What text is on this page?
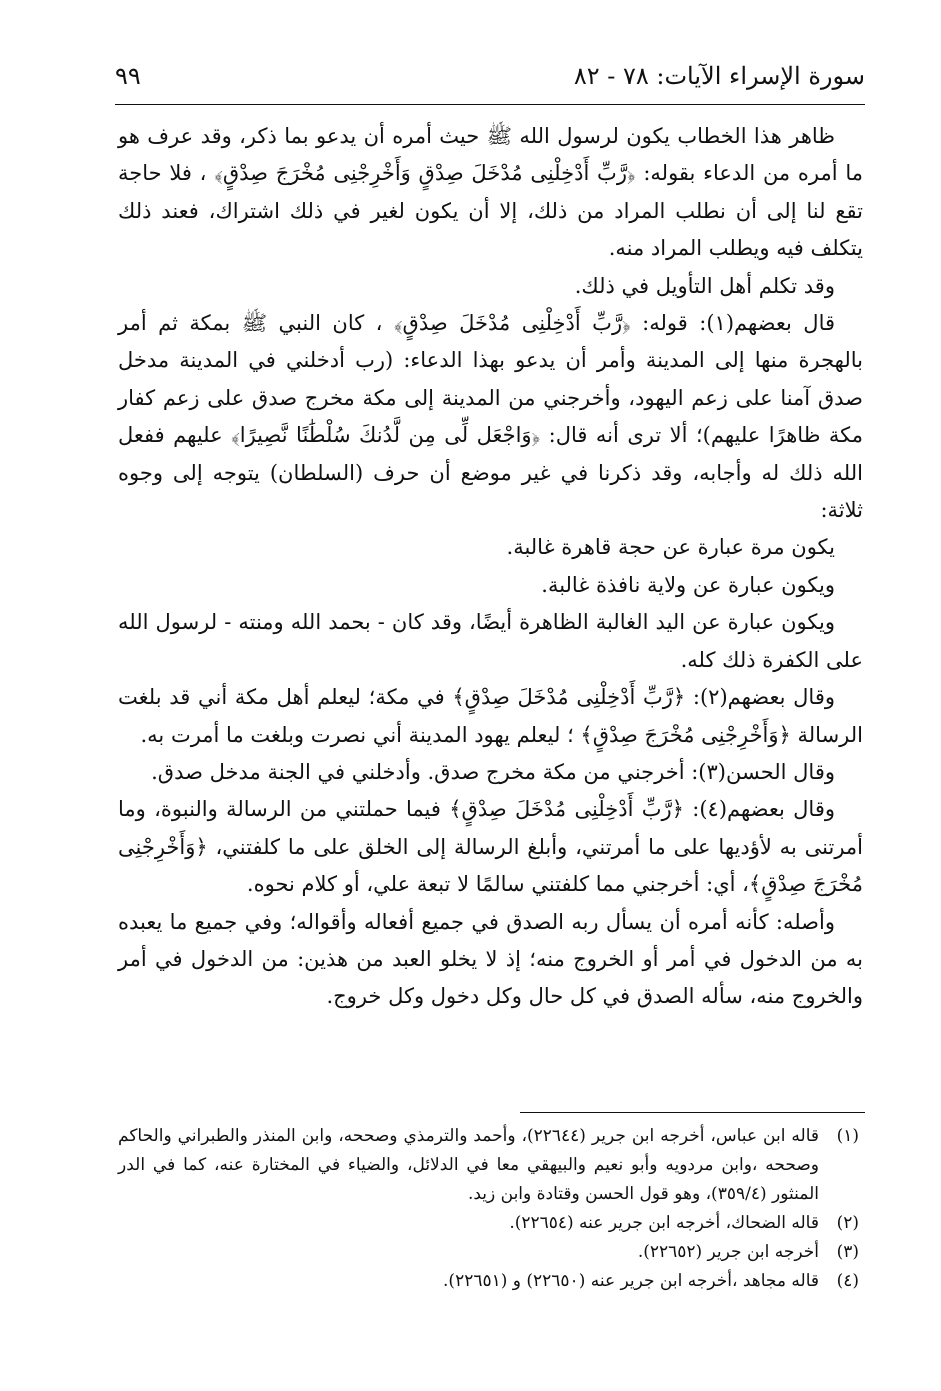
سورة الإسراء الآيات: ٧٨ - ٨٢
٩٩

ظاهر هذا الخطاب يكون لرسول الله ﷺ حيث أمره أن يدعو بما ذكر، وقد عرف هو ما أمره من الدعاء بقوله: ﴿رَّبِّ أَدْخِلْنِى مُدْخَلَ صِدْقٍ وَأَخْرِجْنِى مُخْرَجَ صِدْقٍ﴾ ، فلا حاجة تقع لنا إلى أن نطلب المراد من ذلك، إلا أن يكون لغير في ذلك اشتراك، فعند ذلك يتكلف فيه ويطلب المراد منه.

وقد تكلم أهل التأويل في ذلك.

قال بعضهم(١): قوله: ﴿رَّبِّ أَدْخِلْنِى مُدْخَلَ صِدْقٍ﴾ ، كان النبي ﷺ بمكة ثم أمر بالهجرة منها إلى المدينة وأمر أن يدعو بهذا الدعاء: (رب أدخلني في المدينة مدخل صدق آمنا على زعم اليهود، وأخرجني من المدينة إلى مكة مخرج صدق على زعم كفار مكة ظاهرًا عليهم)؛ ألا ترى أنه قال: ﴿وَاجْعَل لِّى مِن لَّدُنكَ سُلْطَٰنًا نَّصِيرًا﴾ عليهم ففعل الله ذلك له وأجابه، وقد ذكرنا في غير موضع أن حرف (السلطان) يتوجه إلى وجوه ثلاثة:

يكون مرة عبارة عن حجة قاهرة غالبة.

ويكون عبارة عن ولاية نافذة غالبة.

ويكون عبارة عن اليد الغالبة الظاهرة أيضًا، وقد كان - بحمد الله ومنته - لرسول الله على الكفرة ذلك كله.

وقال بعضهم(٢): ﴿رَّبِّ أَدْخِلْنِى مُدْخَلَ صِدْقٍ﴾ في مكة؛ ليعلم أهل مكة أني قد بلغت الرسالة ﴿وَأَخْرِجْنِى مُخْرَجَ صِدْقٍ﴾ ؛ ليعلم يهود المدينة أني نصرت وبلغت ما أمرت به.

وقال الحسن(٣): أخرجني من مكة مخرج صدق. وأدخلني في الجنة مدخل صدق.

وقال بعضهم(٤): ﴿رَّبِّ أَدْخِلْنِى مُدْخَلَ صِدْقٍ﴾ فيما حملتني من الرسالة والنبوة، وما أمرتنى به لأؤديها على ما أمرتني، وأبلغ الرسالة إلى الخلق على ما كلفتني، ﴿وَأَخْرِجْنِى مُخْرَجَ صِدْقٍ﴾، أي: أخرجني مما كلفتني سالمًا لا تبعة علي، أو كلام نحوه.

وأصله: كأنه أمره أن يسأل ربه الصدق في جميع أفعاله وأقواله؛ وفي جميع ما يعبده به من الدخول في أمر أو الخروج منه؛ إذ لا يخلو العبد من هذين: من الدخول في أمر والخروج منه، سأله الصدق في كل حال وكل دخول وكل خروج.

(١)
قاله ابن عباس، أخرجه ابن جرير (٢٢٦٤٤)، وأحمد والترمذي وصححه، وابن المنذر والطبراني والحاكم وصححه ،وابن مردويه وأبو نعيم والبيهقي معا في الدلائل، والضياء في المختارة عنه، كما في الدر المنثور (٣٥٩/٤)، وهو قول الحسن وقتادة وابن زيد.
(٢)
قاله الضحاك، أخرجه ابن جرير عنه (٢٢٦٥٤).
(٣)
أخرجه ابن جرير (٢٢٦٥٢).
(٤)
قاله مجاهد ،أخرجه ابن جرير عنه (٢٢٦٥٠) و (٢٢٦٥١).
